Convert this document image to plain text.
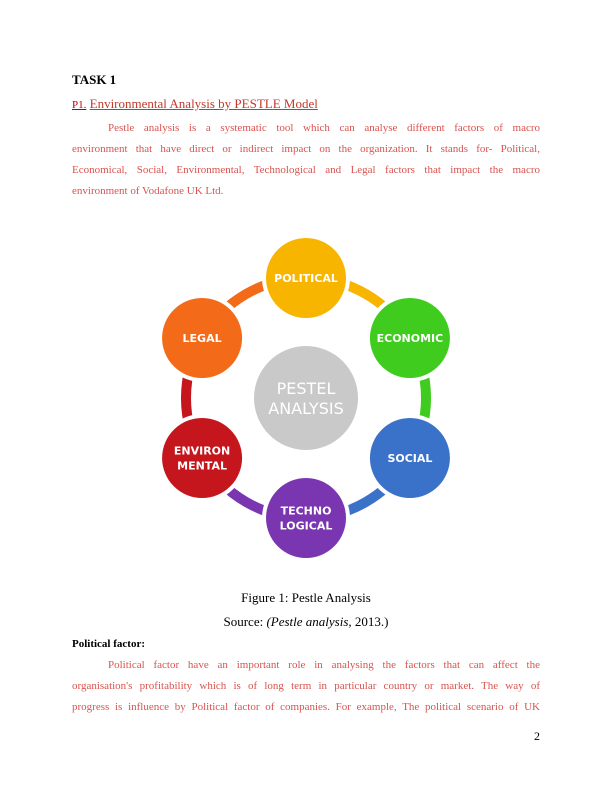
TASK 1
P1. Environmental Analysis by PESTLE Model
Pestle analysis is a systematic tool which can analyse different factors of macro
environment that have direct or indirect impact on the organization. It stands for- Political,
Economical, Social, Environmental, Technological and Legal factors that impact the macro
environment of Vodafone UK Ltd.
PESTEL
ANALYSIS
POLITICAL
ECONOMIC
SOCIAL
TECHNO
LOGICAL
ENVIRON
MENTAL
LEGAL
Figure 1: Pestle Analysis
Source: (Pestle analysis, 2013.)
Political factor:
Political factor have an important role in analysing the factors that can affect the
organisation's profitability which is of long term in particular country or market. The way of
progress is influence by Political factor of companies. For example, The political scenario of UK
2
